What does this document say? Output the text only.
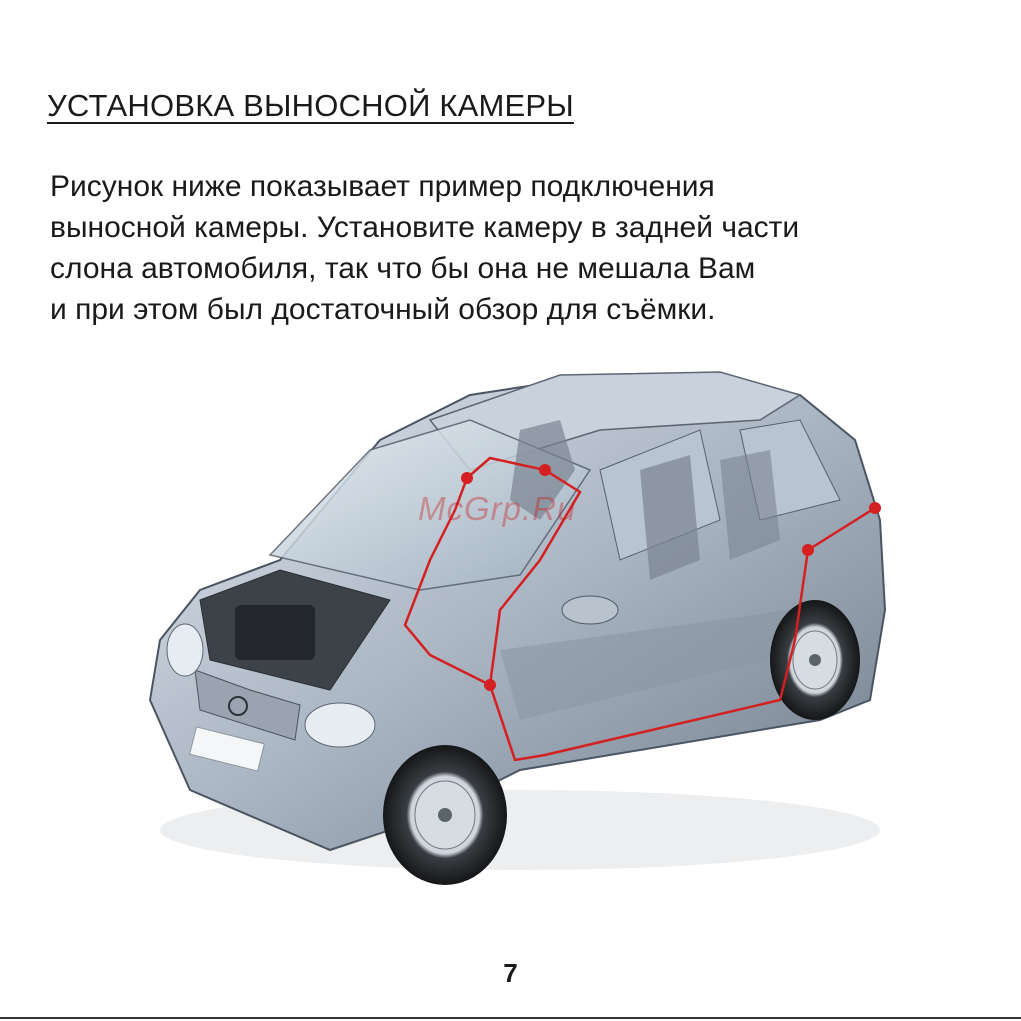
УСТАНОВКА ВЫНОСНОЙ КАМЕРЫ
Рисунок ниже показывает пример подключения
выносной камеры. Установите камеру в задней части
слона автомобиля, так что бы она не мешала Вам
и при этом был достаточный обзор для съёмки.
McGrp.Ru
7
